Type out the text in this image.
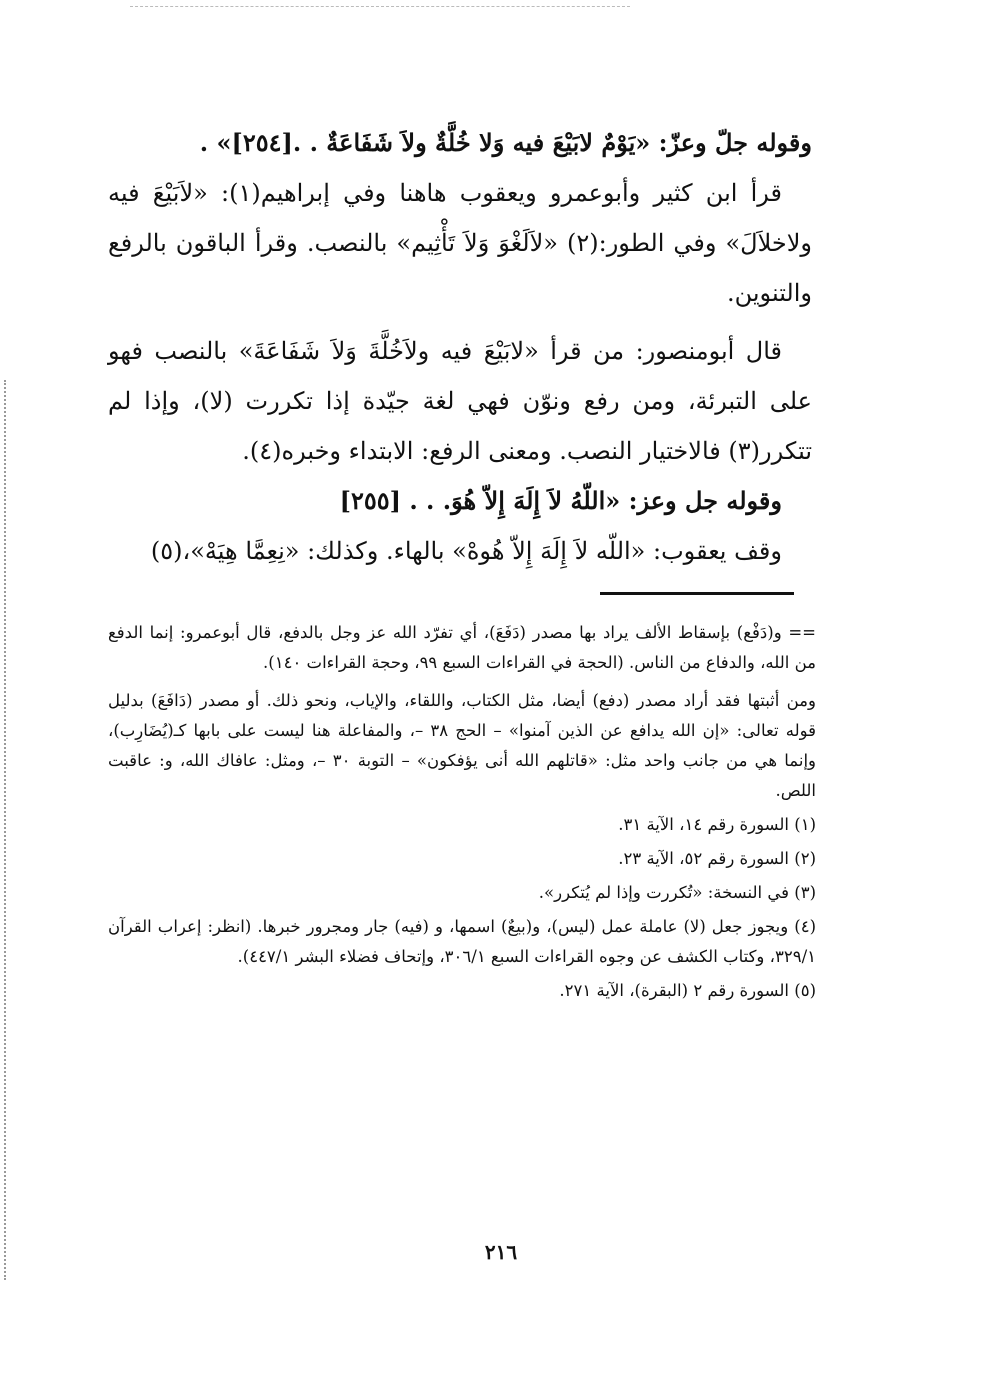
وقوله جلّ وعزّ: «يَوْمٌ لابَيْعَ فيه وَلا خُلَّةٌ ولاَ شَفَاعَةٌ . .[٢٥٤]» .

قرأ ابن كثير وأبوعمرو ويعقوب هاهنا وفي إبراهيم(١): «لاَبَيْعَ فيه ولاخلاَلَ» وفي الطور:(٢) «لاَلَغْوَ وَلاَ تَأْثِيم» بالنصب. وقرأ الباقون بالرفع والتنوين.

قال أبومنصور: من قرأ «لابَيْعَ فيه ولاَخُلَّةَ وَلاَ شَفَاعَةَ» بالنصب فهو على التبرئة، ومن رفع ونوّن فهي لغة جيّدة إذا تكررت (لا)، وإذا لم تتكرر(٣) فالاختيار النصب. ومعنى الرفع: الابتداء وخبره(٤).

وقوله جل وعز: «اللّهُ لاَ إِلَهَ إِلاّ هُوَ. . . [٢٥٥]

وقف يعقوب: «اللّه لاَ إِلَهَ إِلاّ هُوهْ» بالهاء. وكذلك: «نِعِمَّا هِيَهْ»،(٥)

== و(دَفْع) بإسقاط الألف يراد بها مصدر (دَفَعَ)، أي تفرّد الله عز وجل بالدفع، قال أبوعمرو: إنما الدفع من الله، والدفاع من الناس. (الحجة في القراءات السبع ٩٩، وحجة القراءات ١٤٠).

ومن أثبتها فقد أراد مصدر (دفع) أيضا، مثل الكتاب، واللقاء، والإياب، ونحو ذلك. أو مصدر (دَافَعَ) بدليل قوله تعالى: «إن الله يدافع عن الذين آمنوا» – الحج ٣٨ –، والمفاعلة هنا ليست على بابها كـ(يُضَارِب)، وإنما هي من جانب واحد مثل: «قاتلهم الله أنى يؤفكون» – التوبة ٣٠ –، ومثل: عافاك الله، و: عاقبت اللص.

(١) السورة رقم ١٤، الآية ٣١.

(٢) السورة رقم ٥٢، الآية ٢٣.

(٣) في النسخة: «تُكررت وإذا لم يُتكرر».

(٤) ويجوز جعل (لا) عاملة عمل (ليس)، و(بيعٌ) اسمها، و (فيه) جار ومجرور خبرها. (انظر: إعراب القرآن ٣٢٩/١، وكتاب الكشف عن وجوه القراءات السبع ٣٠٦/١، وإتحاف فضلاء البشر ٤٤٧/١).

(٥) السورة رقم ٢ (البقرة)، الآية ٢٧١.

٢١٦
